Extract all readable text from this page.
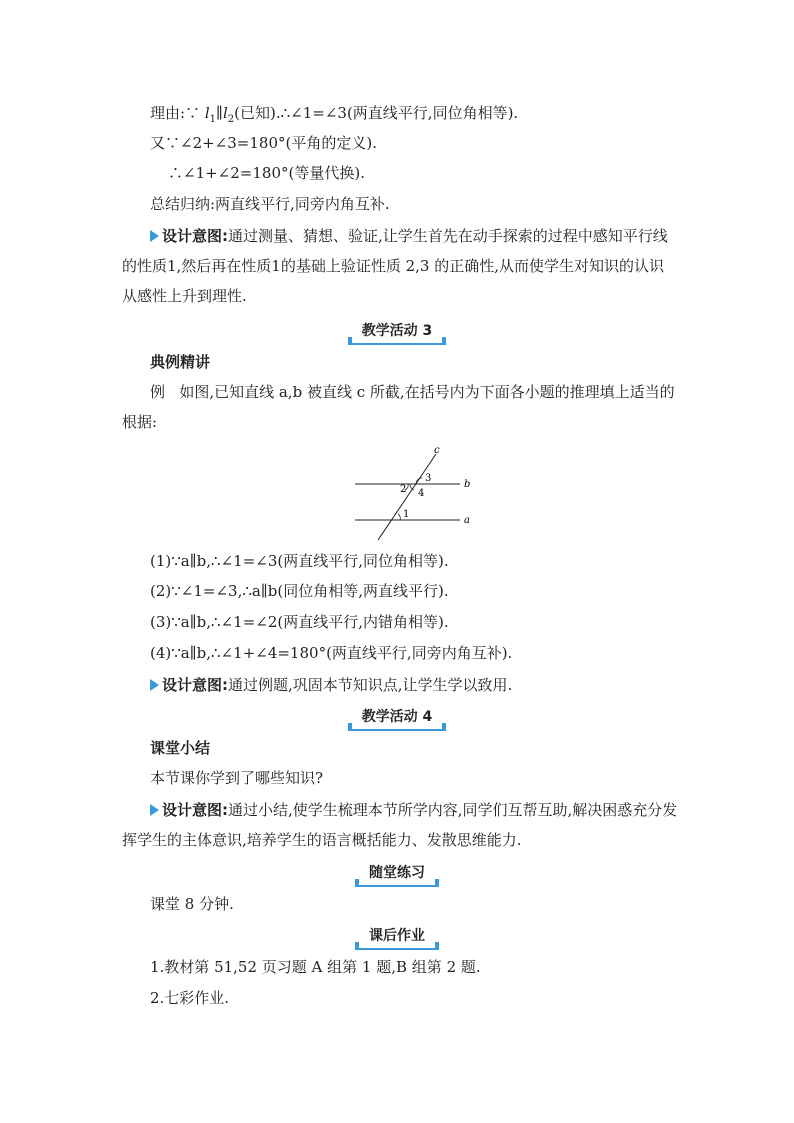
理由:∵ $l_1\parallel l_2$(已知).∴∠1=∠3(两直线平行,同位角相等).
又∵∠2+∠3=180°(平角的定义).
∴∠1+∠2=180°(等量代换).
总结归纳:两直线平行,同旁内角互补.
设计意图:通过测量、猜想、验证,让学生首先在动手探索的过程中感知平行线的性质1,然后再在性质1的基础上验证性质 2,3 的正确性,从而使学生对知识的认识从感性上升到理性.
教学活动 3
典例精讲
例 如图,已知直线 a,b 被直线 c 所截,在括号内为下面各小题的推理填上适当的根据:
c
b
a
3
2 4
1
(1)∵a∥b,∴∠1=∠3(两直线平行,同位角相等).
(2)∵∠1=∠3,∴a∥b(同位角相等,两直线平行).
(3)∵a∥b,∴∠1=∠2(两直线平行,内错角相等).
(4)∵a∥b,∴∠1+∠4=180°(两直线平行,同旁内角互补).
设计意图:通过例题,巩固本节知识点,让学生学以致用.
教学活动 4
课堂小结
本节课你学到了哪些知识?
设计意图:通过小结,使学生梳理本节所学内容,同学们互帮互助,解决困惑充分发挥学生的主体意识,培养学生的语言概括能力、发散思维能力.
随堂练习
课堂 8 分钟.
课后作业
1.教材第 51,52 页习题 A 组第 1 题,B 组第 2 题.
2.七彩作业.
